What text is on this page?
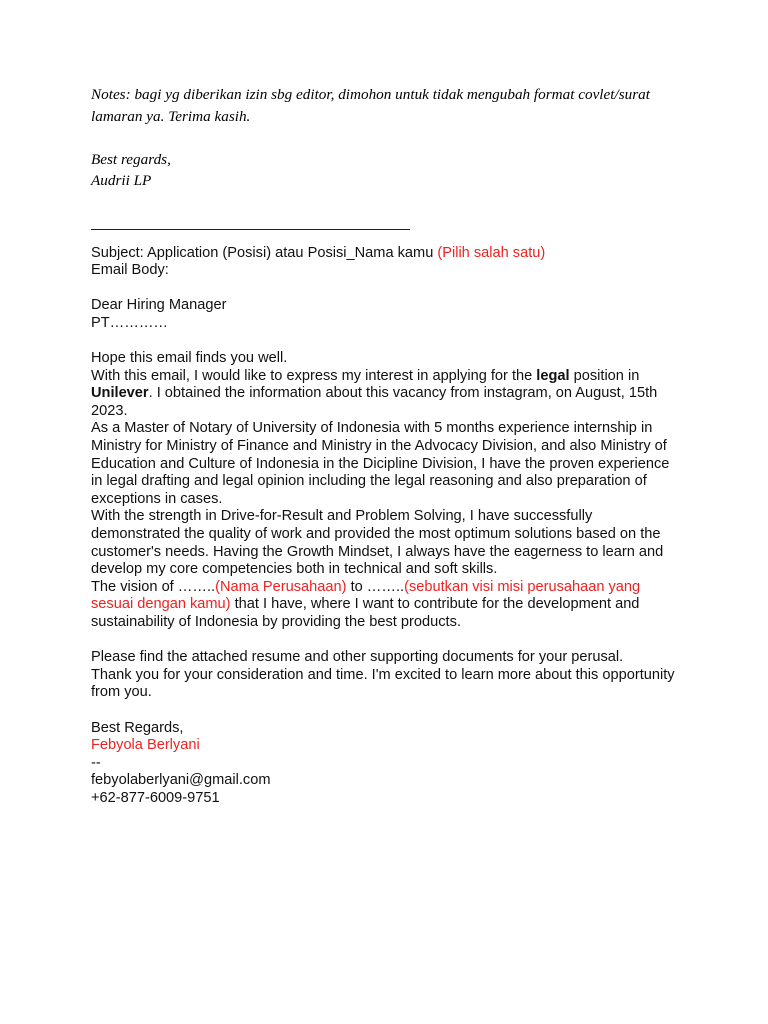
Notes: bagi yg diberikan izin sbg editor, dimohon untuk tidak mengubah format covlet/surat

lamaran ya. Terima kasih.

Best regards,

Audrii LP

Subject: Application (Posisi) atau Posisi_Nama kamu (Pilih salah satu)

Email Body:

Dear Hiring Manager

PT…………

Hope this email finds you well.

With this email, I would like to express my interest in applying for the legal position in Unilever. I obtained the information about this vacancy from instagram, on August, 15th 2023.

As a Master of Notary of University of Indonesia with 5 months experience internship in Ministry for Ministry of Finance and Ministry in the Advocacy Division, and also Ministry of Education and Culture of Indonesia in the Dicipline Division, I have the proven experience in legal drafting and legal opinion including the legal reasoning and also preparation of exceptions in cases.

With the strength in Drive-for-Result and Problem Solving, I have successfully demonstrated the quality of work and provided the most optimum solutions based on the customer's needs. Having the Growth Mindset, I always have the eagerness to learn and develop my core competencies both in technical and soft skills.

The vision of ……..(Nama Perusahaan) to ……..(sebutkan visi misi perusahaan yang sesuai dengan kamu) that I have, where I want to contribute for the development and sustainability of Indonesia by providing the best products.

Please find the attached resume and other supporting documents for your perusal.

Thank you for your consideration and time. I'm excited to learn more about this opportunity from you.

Best Regards,

Febyola Berlyani

--

febyolaberlyani@gmail.com

+62-877-6009-9751
